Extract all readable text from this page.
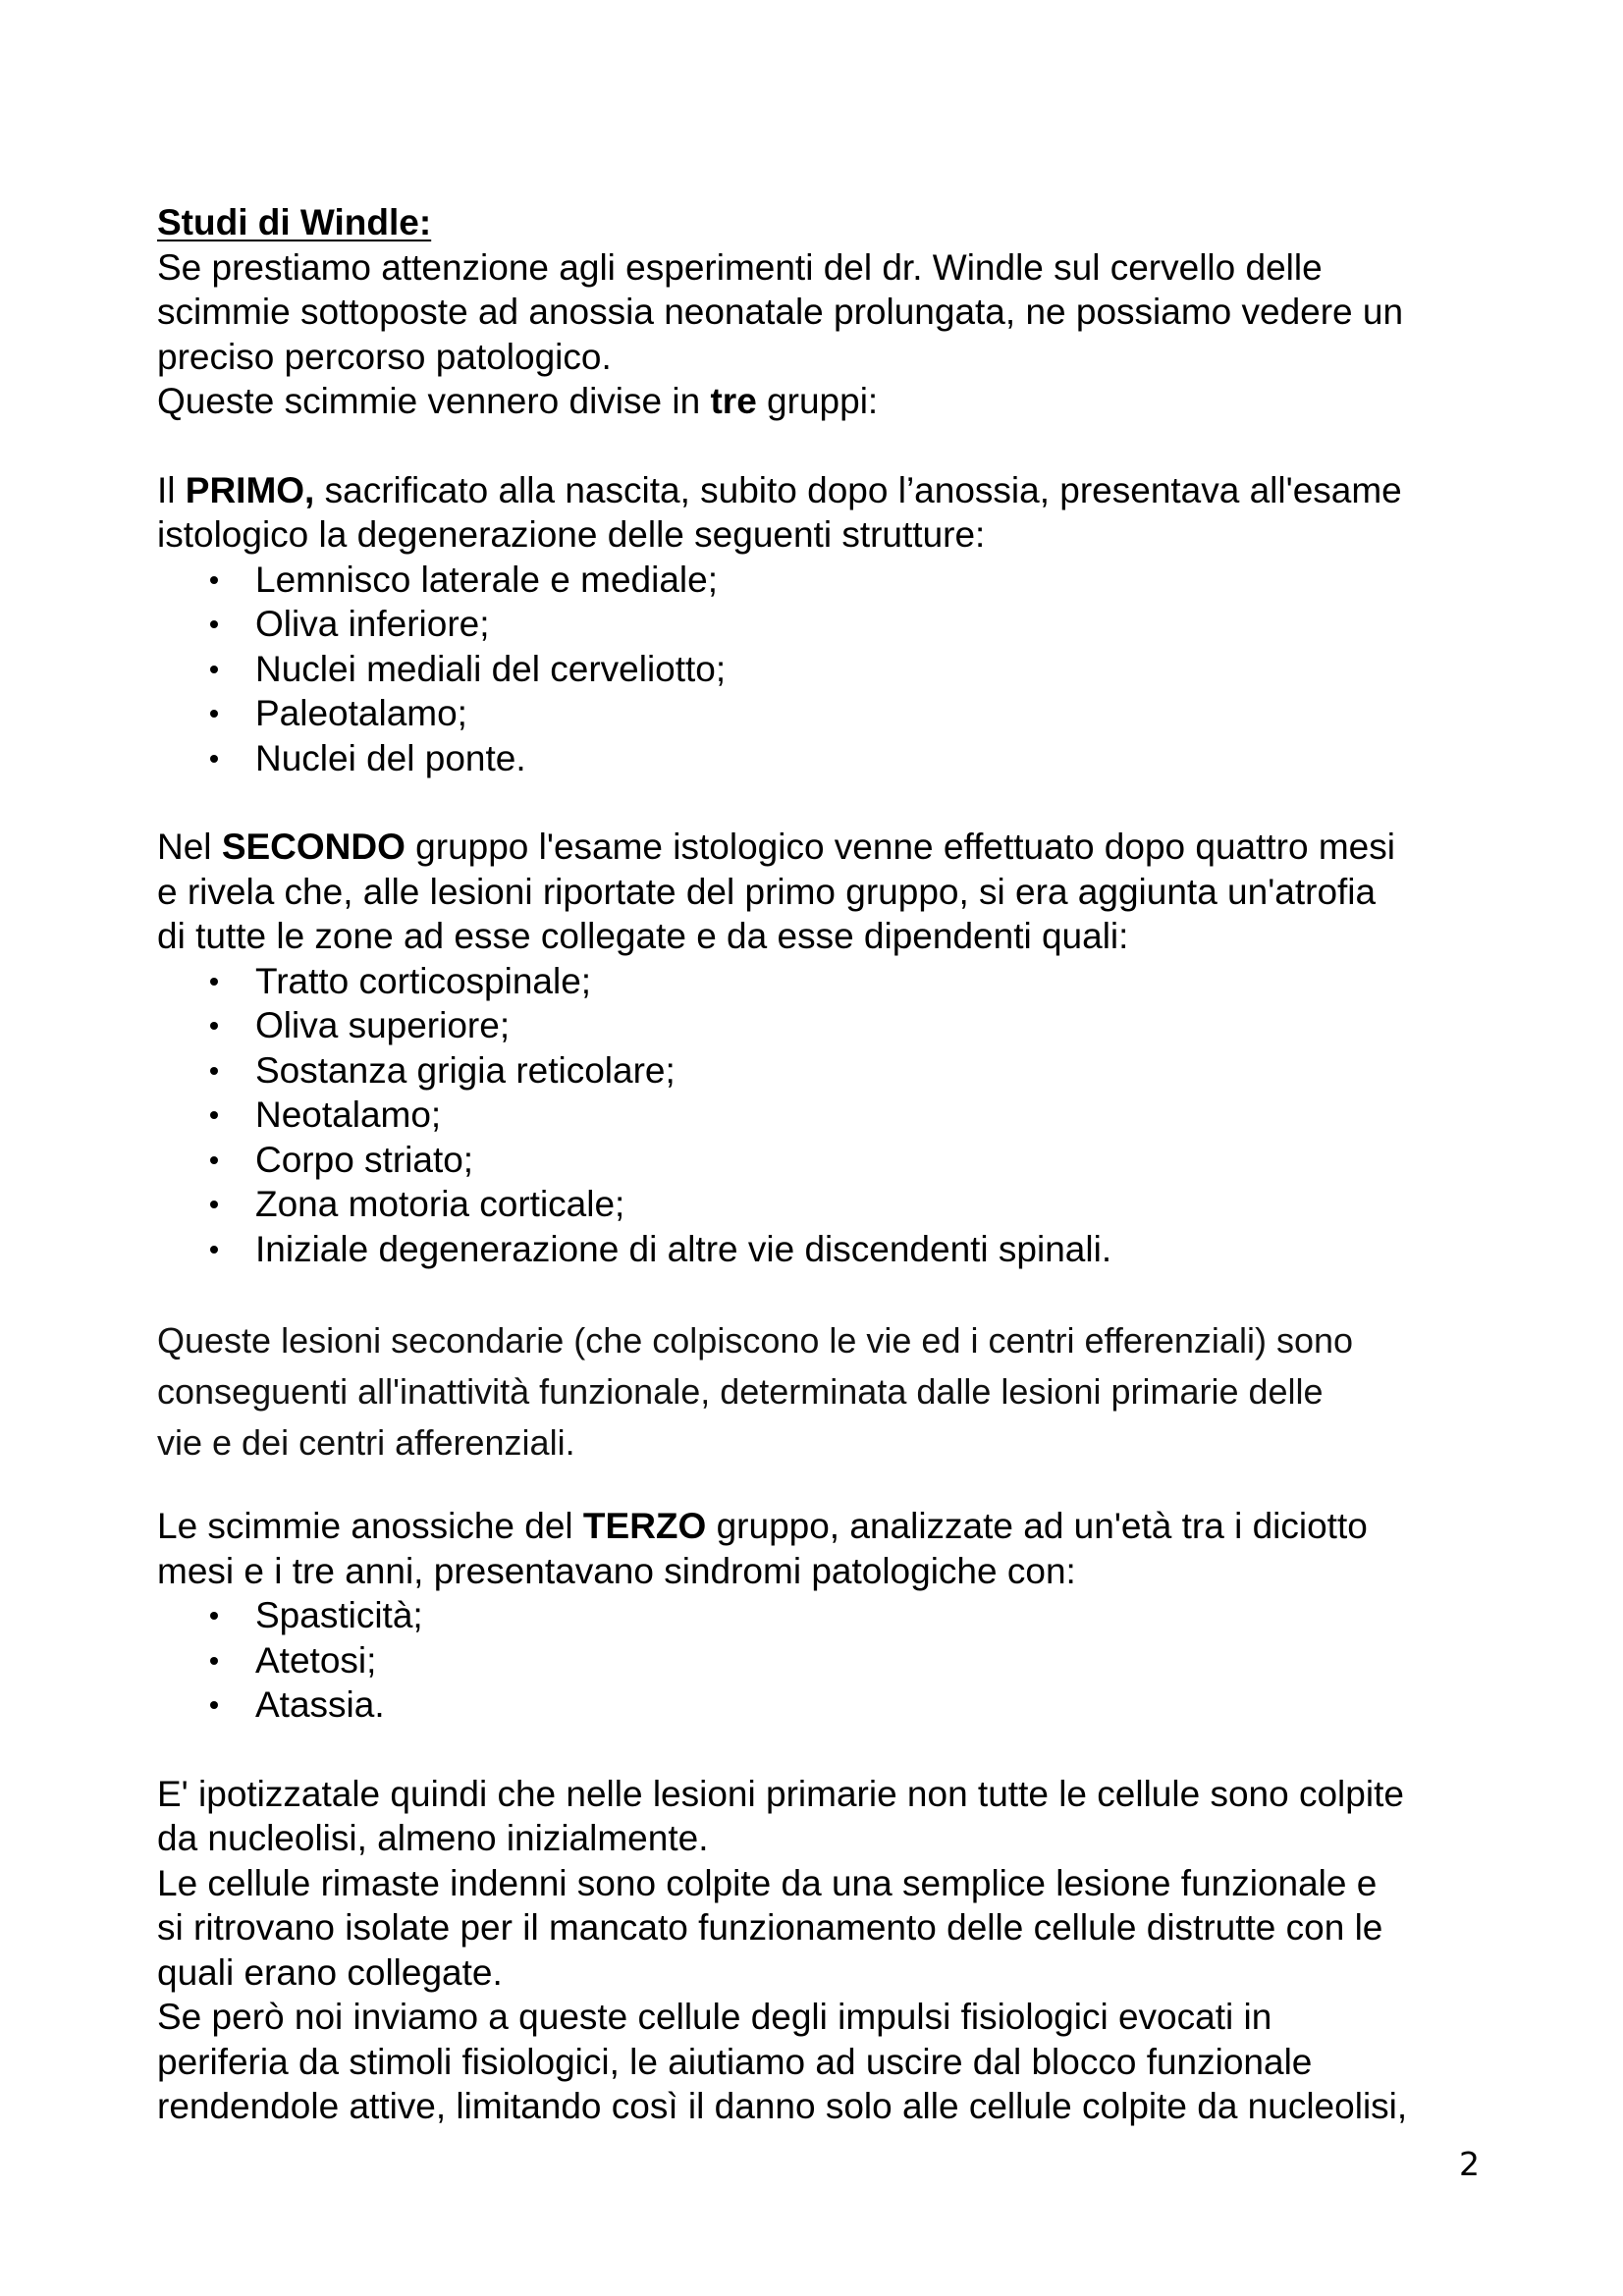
Studi di Windle:
Se prestiamo attenzione agli esperimenti del dr. Windle sul cervello delle
scimmie sottoposte ad anossia neonatale prolungata, ne possiamo vedere un
preciso percorso patologico.
Queste scimmie vennero divise in tre gruppi:
Il PRIMO, sacrificato alla nascita, subito dopo l’anossia, presentava all'esame
istologico la degenerazione delle seguenti strutture:
Lemnisco laterale e mediale;
Oliva inferiore;
Nuclei mediali del cerveliotto;
Paleotalamo;
Nuclei del ponte.
Nel SECONDO gruppo l'esame istologico venne effettuato dopo quattro mesi
e rivela che, alle lesioni riportate del primo gruppo, si era aggiunta un'atrofia
di tutte le zone ad esse collegate e da esse dipendenti quali:
Tratto corticospinale;
Oliva superiore;
Sostanza grigia reticolare;
Neotalamo;
Corpo striato;
Zona motoria corticale;
Iniziale degenerazione di altre vie discendenti spinali.
Queste lesioni secondarie (che colpiscono le vie ed i centri efferenziali) sono
conseguenti all'inattività funzionale, determinata dalle lesioni primarie delle
vie e dei centri afferenziali.
Le scimmie anossiche del TERZO gruppo, analizzate ad un'età tra i diciotto
mesi e i tre anni, presentavano sindromi patologiche con:
Spasticità;
Atetosi;
Atassia.
E' ipotizzatale quindi che nelle lesioni primarie non tutte le cellule sono colpite
da nucleolisi, almeno inizialmente.
Le cellule rimaste indenni sono colpite da una semplice lesione funzionale e
si ritrovano isolate per il mancato funzionamento delle cellule distrutte con le
quali erano collegate.
Se però noi inviamo a queste cellule degli impulsi fisiologici evocati in
periferia da stimoli fisiologici, le aiutiamo ad uscire dal blocco funzionale
rendendole attive, limitando così il danno solo alle cellule colpite da nucleolisi,
2
